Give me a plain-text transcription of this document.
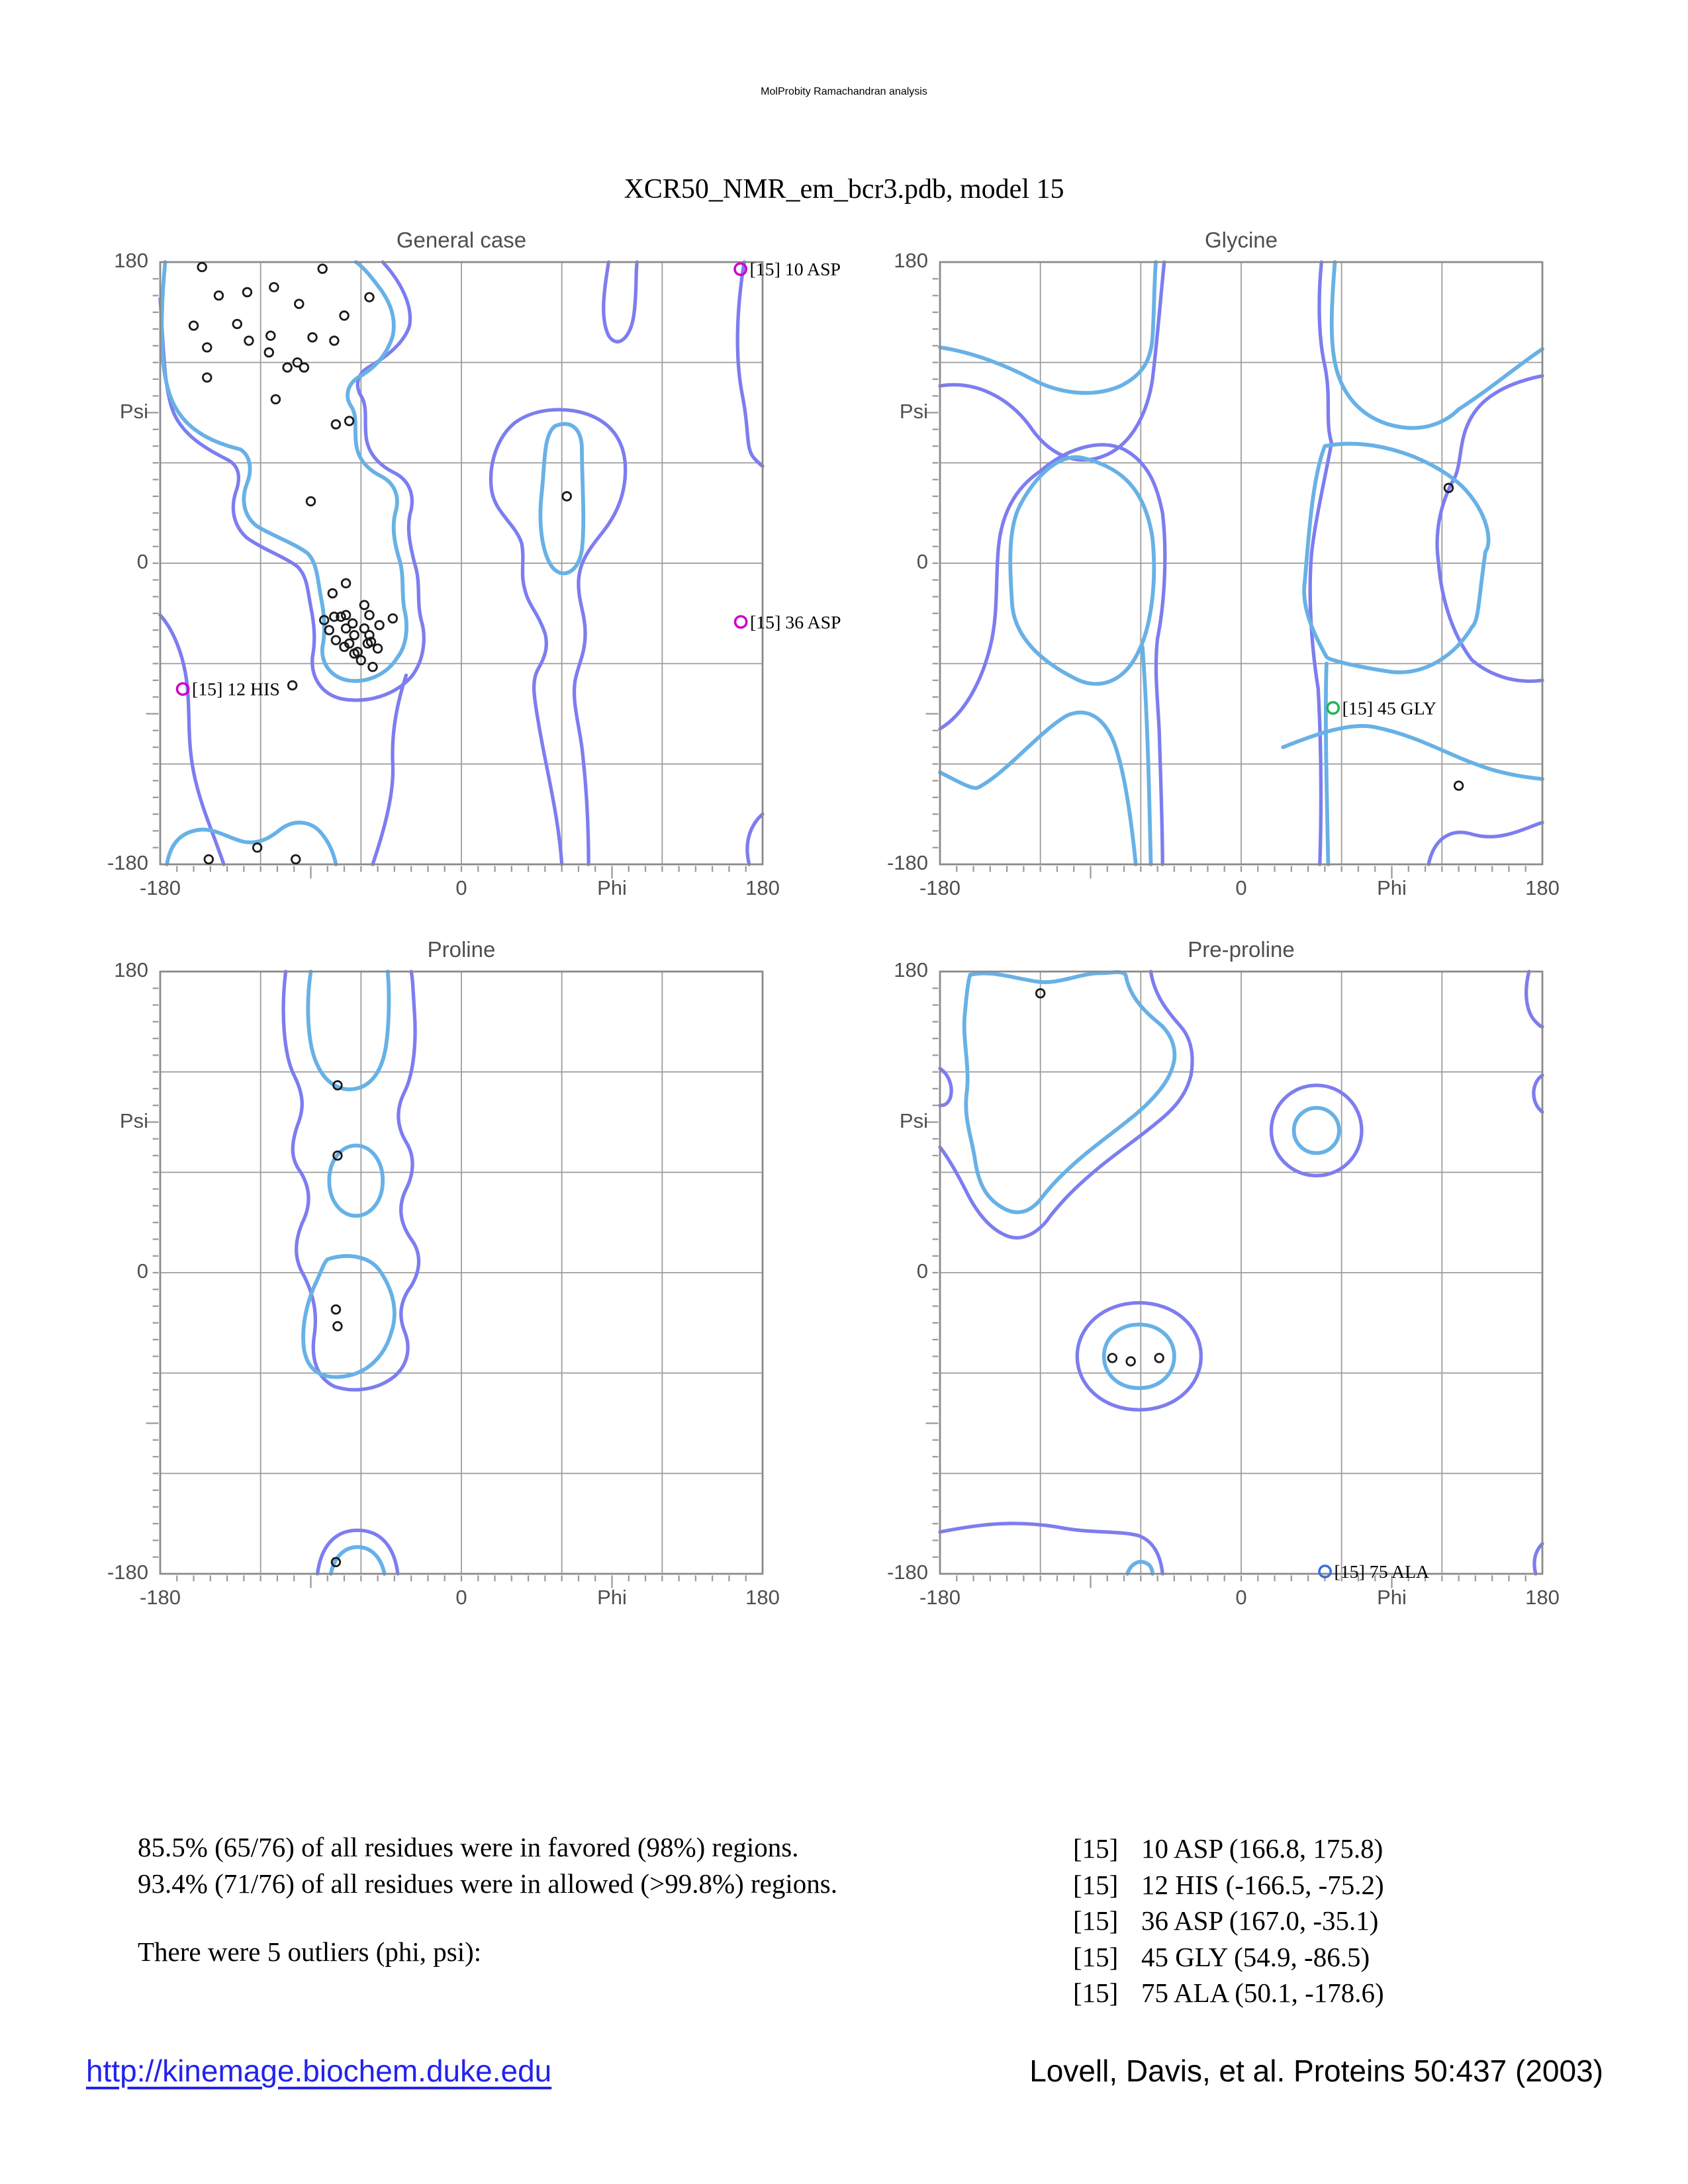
MolProbity Ramachandran analysis
XCR50_NMR_em_bcr3.pdb, model 15
General case
[15] 10 ASP
[15] 36 ASP
[15] 12 HIS
180
Psi
0
-180
-180	0	Phi	180
Glycine
[15] 45 GLY
180
Psi
0
-180
-180	0	Phi	180
Proline
180
Psi
0
-180
-180	0	Phi	180
Pre-proline
[15] 75 ALA
180
Psi
0
-180
-180	0	Phi	180
85.5% (65/76) of all residues were in favored (98%) regions.
93.4% (71/76) of all residues were in allowed (>99.8%) regions.
There were 5 outliers (phi, psi):
[15] 10 ASP (166.8, 175.8)
[15] 12 HIS (-166.5, -75.2)
[15] 36 ASP (167.0, -35.1)
[15] 45 GLY (54.9, -86.5)
[15] 75 ALA (50.1, -178.6)
http://kinemage.biochem.duke.edu	Lovell, Davis, et al. Proteins 50:437 (2003)
